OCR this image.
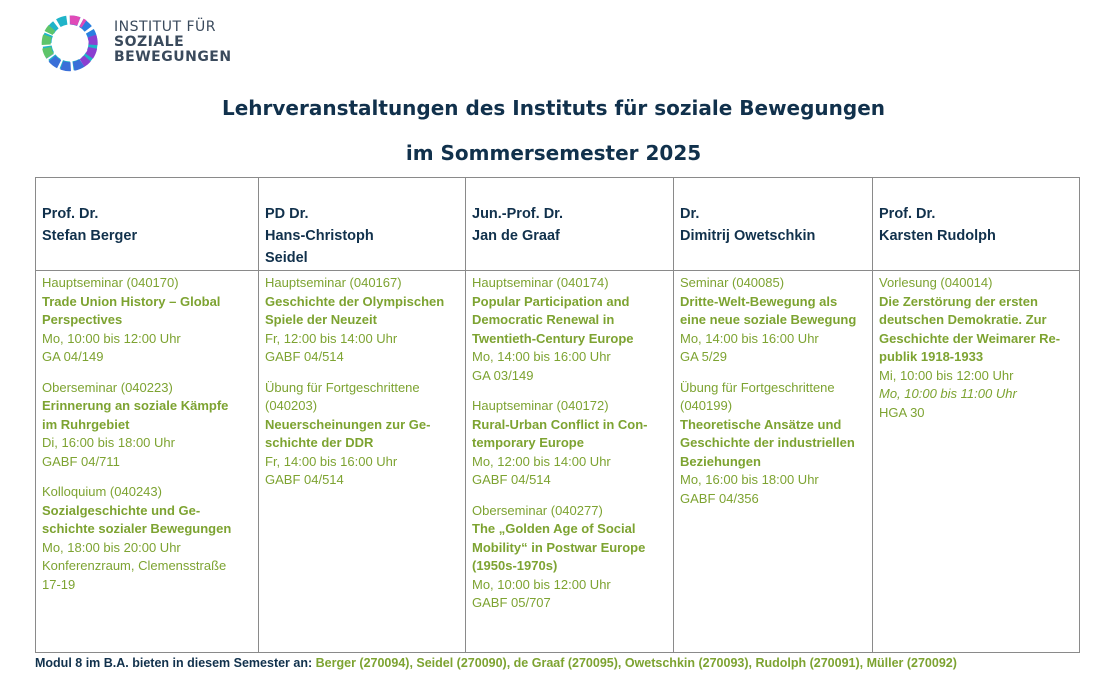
INSTITUT FÜR
SOZIALE
BEWEGUNGEN
Lehrveranstaltungen des Instituts für soziale Bewegungen
im Sommersemester 2025
Prof. Dr.
Stefan Berger
Hauptseminar (040170)
Trade Union History – Global
Perspectives
Mo, 10:00 bis 12:00 Uhr
GA 04/149
Oberseminar (040223)
Erinnerung an soziale Kämpfe
im Ruhrgebiet
Di, 16:00 bis 18:00 Uhr
GABF 04/711
Kolloquium (040243)
Sozialgeschichte und Ge-
schichte sozialer Bewegungen
Mo, 18:00 bis 20:00 Uhr
Konferenzraum, Clemensstraße
17-19
PD Dr.
Hans-Christoph
Seidel
Hauptseminar (040167)
Geschichte der Olympischen
Spiele der Neuzeit
Fr, 12:00 bis 14:00 Uhr
GABF 04/514
Übung für Fortgeschrittene
(040203)
Neuerscheinungen zur Ge-
schichte der DDR
Fr, 14:00 bis 16:00 Uhr
GABF 04/514
Jun.-Prof. Dr.
Jan de Graaf
Hauptseminar (040174)
Popular Participation and
Democratic Renewal in
Twentieth-Century Europe
Mo, 14:00 bis 16:00 Uhr
GA 03/149
Hauptseminar (040172)
Rural-Urban Conflict in Con-
temporary Europe
Mo, 12:00 bis 14:00 Uhr
GABF 04/514
Oberseminar (040277)
The „Golden Age of Social
Mobility“ in Postwar Europe
(1950s-1970s)
Mo, 10:00 bis 12:00 Uhr
GABF 05/707
Dr.
Dimitrij Owetschkin
Seminar (040085)
Dritte-Welt-Bewegung als
eine neue soziale Bewegung
Mo, 14:00 bis 16:00 Uhr
GA 5/29
Übung für Fortgeschrittene
(040199)
Theoretische Ansätze und
Geschichte der industriellen
Beziehungen
Mo, 16:00 bis 18:00 Uhr
GABF 04/356
Prof. Dr.
Karsten Rudolph
Vorlesung (040014)
Die Zerstörung der ersten
deutschen Demokratie. Zur
Geschichte der Weimarer Re-
publik 1918-1933
Mi, 10:00 bis 12:00 Uhr
Mo, 10:00 bis 11:00 Uhr
HGA 30
Modul 8 im B.A. bieten in diesem Semester an: Berger (270094), Seidel (270090), de Graaf (270095), Owetschkin (270093), Rudolph (270091), Müller (270092)
